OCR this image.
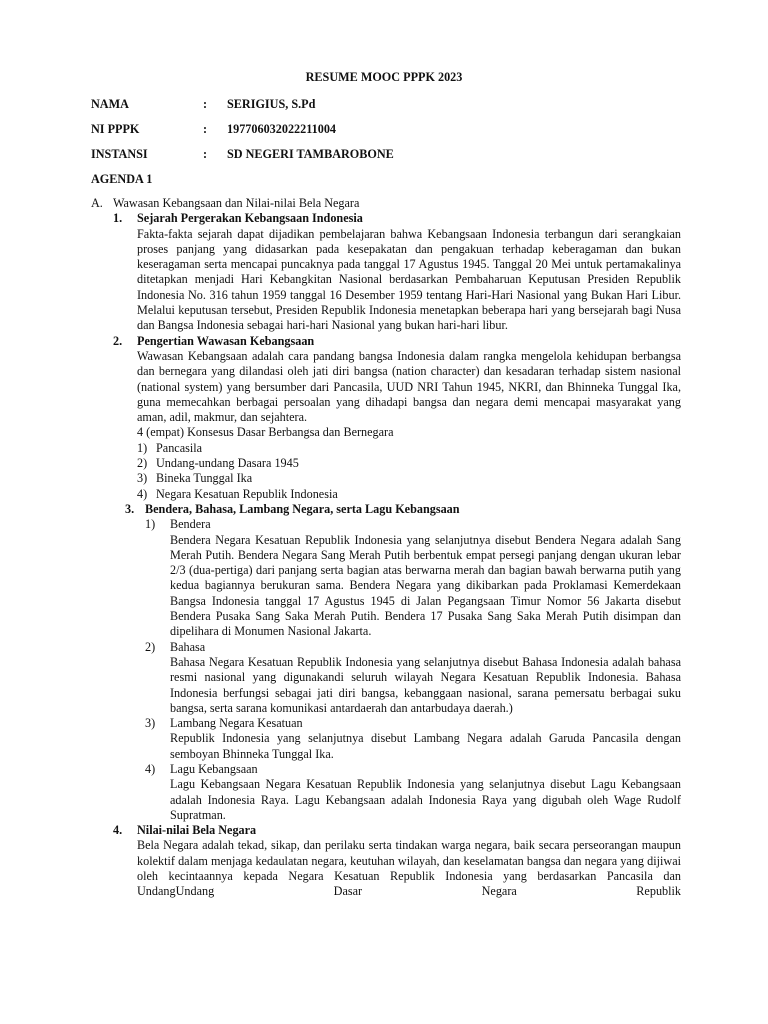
RESUME MOOC PPPK 2023
NAMA	: SERIGIUS, S.Pd
NI PPPK	: 197706032022211004
INSTANSI	: SD NEGERI TAMBAROBONE
AGENDA 1
A. Wawasan Kebangsaan dan Nilai-nilai Bela Negara
1.	Sejarah Pergerakan Kebangsaan Indonesia
Fakta-fakta sejarah dapat dijadikan pembelajaran bahwa Kebangsaan Indonesia terbangun dari serangkaian proses panjang yang didasarkan pada kesepakatan dan pengakuan terhadap keberagaman dan bukan keseragaman serta mencapai puncaknya pada tanggal 17 Agustus 1945. Tanggal 20 Mei untuk pertamakalinya ditetapkan menjadi Hari Kebangkitan Nasional berdasarkan Pembaharuan Keputusan Presiden Republik Indonesia No. 316 tahun 1959 tanggal 16 Desember 1959 tentang Hari-Hari Nasional yang Bukan Hari Libur. Melalui keputusan tersebut, Presiden Republik Indonesia menetapkan beberapa hari yang bersejarah bagi Nusa dan Bangsa Indonesia sebagai hari-hari Nasional yang bukan hari-hari libur.
2.	Pengertian Wawasan Kebangsaan
Wawasan Kebangsaan adalah cara pandang bangsa Indonesia dalam rangka mengelola kehidupan berbangsa dan bernegara yang dilandasi oleh jati diri bangsa (nation character) dan kesadaran terhadap sistem nasional (national system) yang bersumber dari Pancasila, UUD NRI Tahun 1945, NKRI, dan Bhinneka Tunggal Ika, guna memecahkan berbagai persoalan yang dihadapi bangsa dan negara demi mencapai masyarakat yang aman, adil, makmur, dan sejahtera.
4 (empat) Konsesus Dasar Berbangsa dan Bernegara
1) Pancasila
2) Undang-undang Dasara 1945
3) Bineka Tunggal Ika
4) Negara Kesatuan Republik Indonesia
3. Bendera, Bahasa, Lambang Negara, serta Lagu Kebangsaan
1)	Bendera
Bendera Negara Kesatuan Republik Indonesia yang selanjutnya disebut Bendera Negara adalah Sang Merah Putih. Bendera Negara Sang Merah Putih berbentuk empat persegi panjang dengan ukuran lebar 2/3 (dua-pertiga) dari panjang serta bagian atas berwarna merah dan bagian bawah berwarna putih yang kedua bagiannya berukuran sama. Bendera Negara yang dikibarkan pada Proklamasi Kemerdekaan Bangsa Indonesia tanggal 17 Agustus 1945 di Jalan Pegangsaan Timur Nomor 56 Jakarta disebut Bendera Pusaka Sang Saka Merah Putih. Bendera 17 Pusaka Sang Saka Merah Putih disimpan dan dipelihara di Monumen Nasional Jakarta.
2)	Bahasa
Bahasa Negara Kesatuan Republik Indonesia yang selanjutnya disebut Bahasa Indonesia adalah bahasa resmi nasional yang digunakandi seluruh wilayah Negara Kesatuan Republik Indonesia. Bahasa Indonesia berfungsi sebagai jati diri bangsa, kebanggaan nasional, sarana pemersatu berbagai suku bangsa, serta sarana komunikasi antardaerah dan antarbudaya daerah.)
3)	Lambang Negara Kesatuan
Republik Indonesia yang selanjutnya disebut Lambang Negara adalah Garuda Pancasila dengan semboyan Bhinneka Tunggal Ika.
4)	Lagu Kebangsaan
Lagu Kebangsaan Negara Kesatuan Republik Indonesia yang selanjutnya disebut Lagu Kebangsaan adalah Indonesia Raya. Lagu Kebangsaan adalah Indonesia Raya yang digubah oleh Wage Rudolf Supratman.
4.	Nilai-nilai Bela Negara
Bela Negara adalah tekad, sikap, dan perilaku serta tindakan warga negara, baik secara perseorangan maupun kolektif dalam menjaga kedaulatan negara, keutuhan wilayah, dan keselamatan bangsa dan negara yang dijiwai oleh kecintaannya kepada Negara Kesatuan Republik Indonesia yang berdasarkan Pancasila dan UndangUndang Dasar Negara Republik
